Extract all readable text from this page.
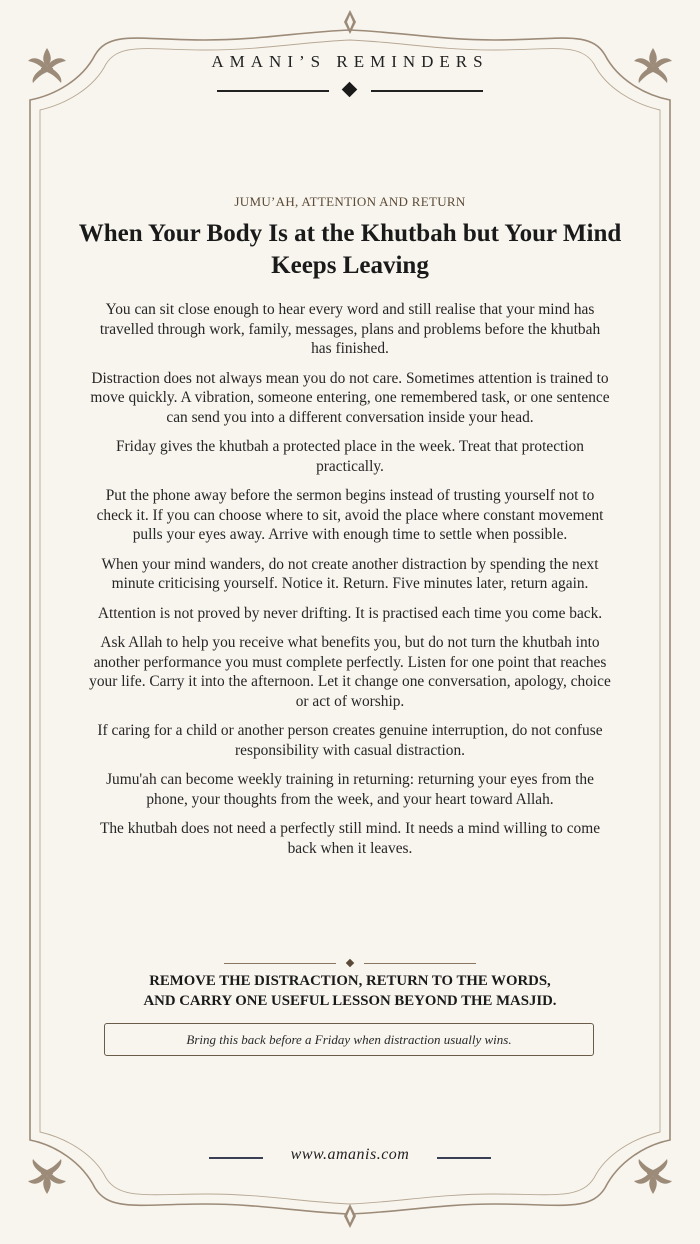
AMANI’S REMINDERS
JUMU’AH, ATTENTION AND RETURN
When Your Body Is at the Khutbah but Your Mind Keeps Leaving

You can sit close enough to hear every word and still realise that your mind has travelled through work, family, messages, plans and problems before the khutbah has finished.

Distraction does not always mean you do not care. Sometimes attention is trained to move quickly. A vibration, someone entering, one remembered task, or one sentence can send you into a different conversation inside your head.

Friday gives the khutbah a protected place in the week. Treat that protection practically.

Put the phone away before the sermon begins instead of trusting yourself not to check it. If you can choose where to sit, avoid the place where constant movement pulls your eyes away. Arrive with enough time to settle when possible.

When your mind wanders, do not create another distraction by spending the next minute criticising yourself. Notice it. Return. Five minutes later, return again.

Attention is not proved by never drifting. It is practised each time you come back.

Ask Allah to help you receive what benefits you, but do not turn the khutbah into another performance you must complete perfectly. Listen for one point that reaches your life. Carry it into the afternoon. Let it change one conversation, apology, choice or act of worship.

If caring for a child or another person creates genuine interruption, do not confuse responsibility with casual distraction.

Jumu'ah can become weekly training in returning: returning your eyes from the phone, your thoughts from the week, and your heart toward Allah.

The khutbah does not need a perfectly still mind. It needs a mind willing to come back when it leaves.

REMOVE THE DISTRACTION, RETURN TO THE WORDS,
AND CARRY ONE USEFUL LESSON BEYOND THE MASJID.

Bring this back before a Friday when distraction usually wins.
www.amanis.com
